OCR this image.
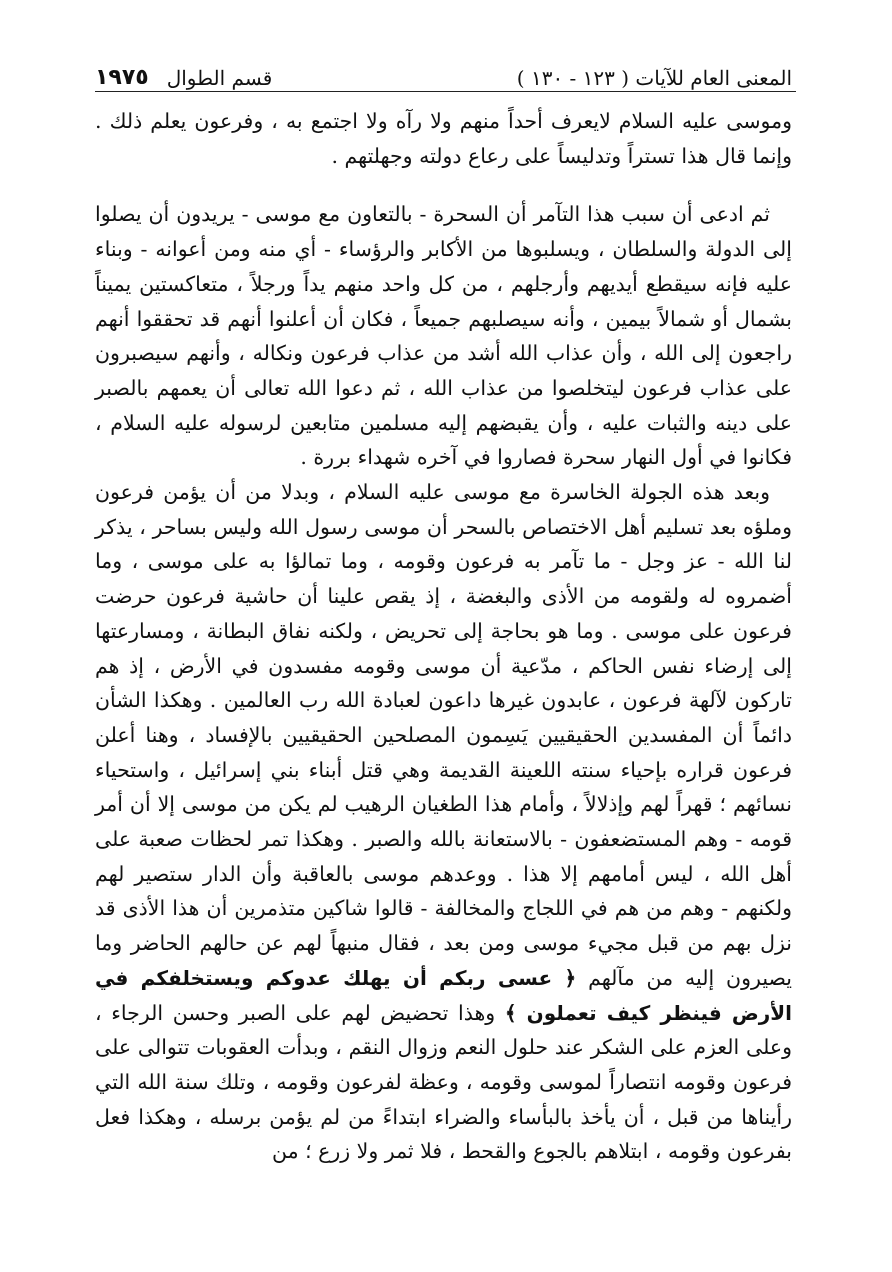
المعنى العام للآيات ( ١٢٣ - ١٣٠ )
قسم الطوال
١٩٧٥

وموسى عليه السلام لايعرف أحداً منهم ولا رآه ولا اجتمع به ، وفرعون يعلم ذلك . وإنما قال هذا تستراً وتدليساً على رعاع دولته وجهلتهم .

ثم ادعى أن سبب هذا التآمر أن السحرة - بالتعاون مع موسى - يريدون أن يصلوا إلى الدولة والسلطان ، ويسلبوها من الأكابر والرؤساء - أي منه ومن أعوانه - وبناء عليه فإنه سيقطع أيديهم وأرجلهم ، من كل واحد منهم يداً ورجلاً ، متعاكستين يميناً بشمال أو شمالاً بيمين ، وأنه سيصلبهم جميعاً ، فكان أن أعلنوا أنهم قد تحققوا أنهم راجعون إلى الله ، وأن عذاب الله أشد من عذاب فرعون ونكاله ، وأنهم سيصبرون على عذاب فرعون ليتخلصوا من عذاب الله ، ثم دعوا الله تعالى أن يعمهم بالصبر على دينه والثبات عليه ، وأن يقبضهم إليه مسلمين متابعين لرسوله عليه السلام ، فكانوا في أول النهار سحرة فصاروا في آخره شهداء بررة .

وبعد هذه الجولة الخاسرة مع موسى عليه السلام ، وبدلا من أن يؤمن فرعون وملؤه بعد تسليم أهل الاختصاص بالسحر أن موسى رسول الله وليس بساحر ، يذكر لنا الله - عز وجل - ما تآمر به فرعون وقومه ، وما تمالؤا به على موسى ، وما أضمروه له ولقومه من الأذى والبغضة ، إذ يقص علينا أن حاشية فرعون حرضت فرعون على موسى . وما هو بحاجة إلى تحريض ، ولكنه نفاق البطانة ، ومسارعتها إلى إرضاء نفس الحاكم ، مدّعية أن موسى وقومه مفسدون في الأرض ، إذ هم تاركون لآلهة فرعون ، عابدون غيرها داعون لعبادة الله رب العالمين . وهكذا الشأن دائماً أن المفسدين الحقيقيين يَسِمون المصلحين الحقيقيين بالإفساد ، وهنا أعلن فرعون قراره بإحياء سنته اللعينة القديمة وهي قتل أبناء بني إسرائيل ، واستحياء نسائهم ؛ قهراً لهم وإذلالاً ، وأمام هذا الطغيان الرهيب لم يكن من موسى إلا أن أمر قومه - وهم المستضعفون - بالاستعانة بالله والصبر . وهكذا تمر لحظات صعبة على أهل الله ، ليس أمامهم إلا هذا . ووعدهم موسى بالعاقبة وأن الدار ستصير لهم ولكنهم - وهم من هم في اللجاج والمخالفة - قالوا شاكين متذمرين أن هذا الأذى قد نزل بهم من قبل مجيء موسى ومن بعد ، فقال منبهاً لهم عن حالهم الحاضر وما يصيرون إليه من مآلهم ﴿ عسى ربكم أن يهلك عدوكم ويستخلفكم في الأرض فينظر كيف تعملون ﴾ وهذا تحضيض لهم على الصبر وحسن الرجاء ، وعلى العزم على الشكر عند حلول النعم وزوال النقم ، وبدأت العقوبات تتوالى على فرعون وقومه انتصاراً لموسى وقومه ، وعظة لفرعون وقومه ، وتلك سنة الله التي رأيناها من قبل ، أن يأخذ بالبأساء والضراء ابتداءً من لم يؤمن برسله ، وهكذا فعل بفرعون وقومه ، ابتلاهم بالجوع والقحط ، فلا ثمر ولا زرع ؛ من
